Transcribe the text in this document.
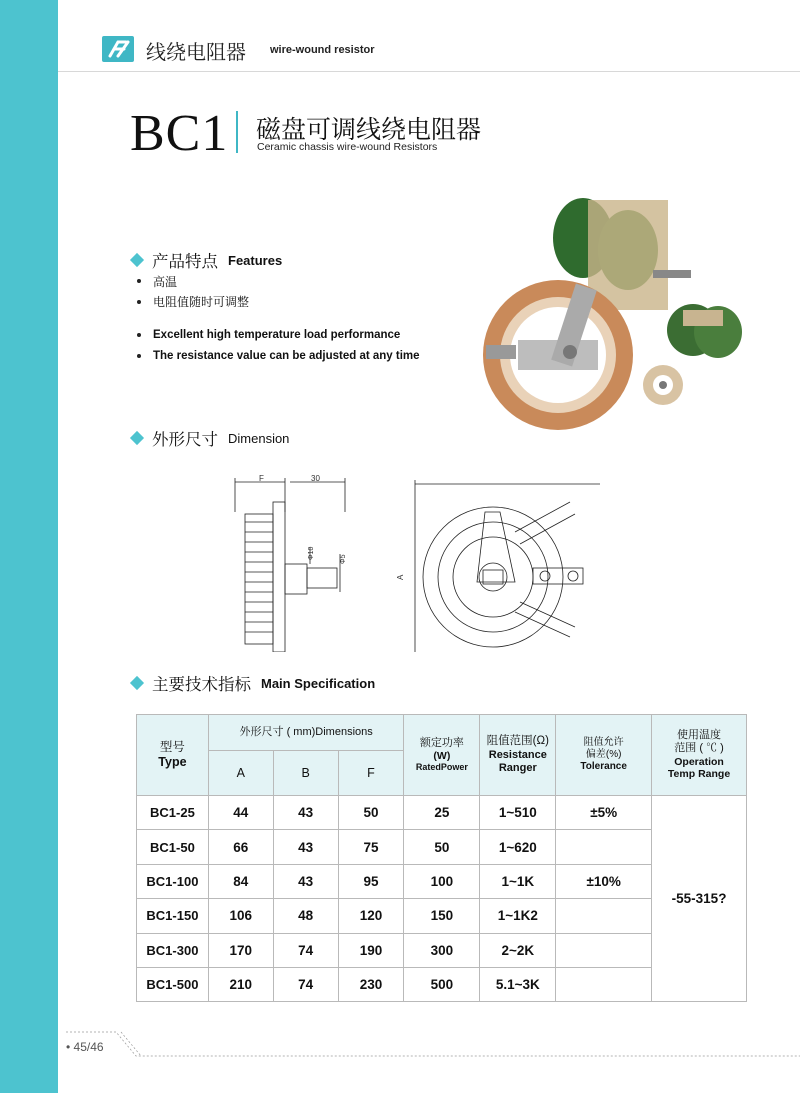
线绕电阻器 wire-wound resistor
BC1 磁盘可调线绕电阻器
Ceramic chassis wire-wound Resistors
产品特点 Features
高温
电阻值随时可调整
Excellent high temperature load performance
The resistance value can be adjusted at any time
外形尺寸 Dimension
F	30
Φ10	Φ5
A
主要技术指标 Main Specification
型号
Type	外形尺寸 ( mm)Dimensions			额定功率
(W)
RatedPower	阻值范围(Ω)
Resistance
Ranger	阻值允许
偏差(%)
Tolerance	使用温度
范围 ( ℃ )
Operation
Temp Range

	A	B	F				
BC1-25	44	43	50	25	1~510	±5%	-55-315?
BC1-50	66	43	75	50	1~620		
BC1-100	84	43	95	100	1~1K	±10%	
BC1-150	106	48	120	150	1~1K2		
BC1-300	170	74	190	300	2~2K		
BC1-500	210	74	230	500	5.1~3K		
• 45/46
